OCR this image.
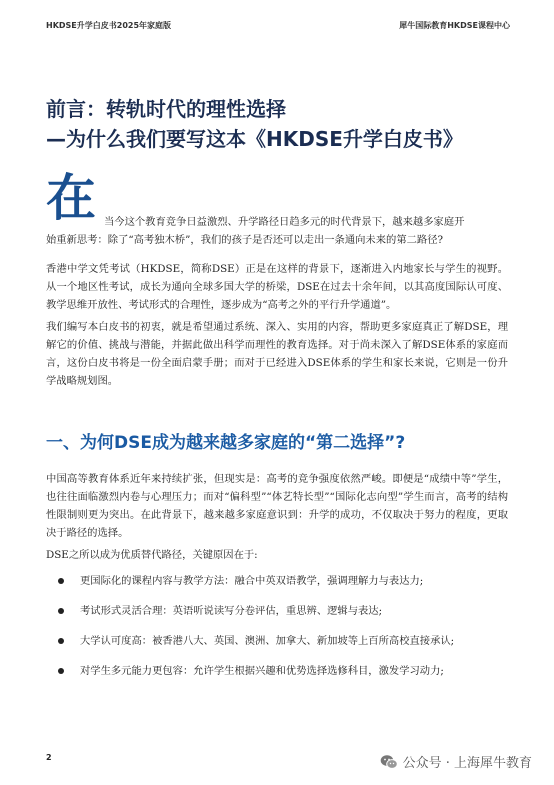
HKDSE升学白皮书2025年家庭版	犀牛国际教育HKDSE课程中心
前言：转轨时代的理性选择
—为什么我们要写这本《HKDSE升学白皮书》
在 当今这个教育竞争日益激烈、升学路径日趋多元的时代背景下，越来越多家庭开
始重新思考：除了“高考独木桥”，我们的孩子是否还可以走出一条通向未来的第二路径?

香港中学文凭考试（HKDSE，简称DSE）正是在这样的背景下，逐渐进入内地家长与学生的视野。从一个地区性考试，成长为通向全球多国大学的桥梁，DSE在过去十余年间，以其高度国际认可度、教学思维开放性、考试形式的合理性，逐步成为“高考之外的平行升学通道”。

我们编写本白皮书的初衷，就是希望通过系统、深入、实用的内容，帮助更多家庭真正了解DSE，理解它的价值、挑战与潜能，并据此做出科学而理性的教育选择。对于尚未深入了解DSE体系的家庭而言，这份白皮书将是一份全面启蒙手册；而对于已经进入DSE体系的学生和家长来说，它则是一份升学战略规划图。

一、为何DSE成为越来越多家庭的“第二选择”?

中国高等教育体系近年来持续扩张，但现实是：高考的竞争强度依然严峻。即便是“成绩中等”学生，也往往面临激烈内卷与心理压力；而对“偏科型”“体艺特长型”“国际化志向型”学生而言，高考的结构性限制则更为突出。在此背景下，越来越多家庭意识到：升学的成功，不仅取决于努力的程度，更取决于路径的选择。

DSE之所以成为优质替代路径，关键原因在于:

更国际化的课程内容与教学方法：融合中英双语教学，强调理解力与表达力;
考试形式灵活合理：英语听说读写分卷评估，重思辨、逻辑与表达;
大学认可度高：被香港八大、英国、澳洲、加拿大、新加坡等上百所高校直接承认;
对学生多元能力更包容：允许学生根据兴趣和优势选择选修科目，激发学习动力;
2	公众号 · 上海犀牛教育
